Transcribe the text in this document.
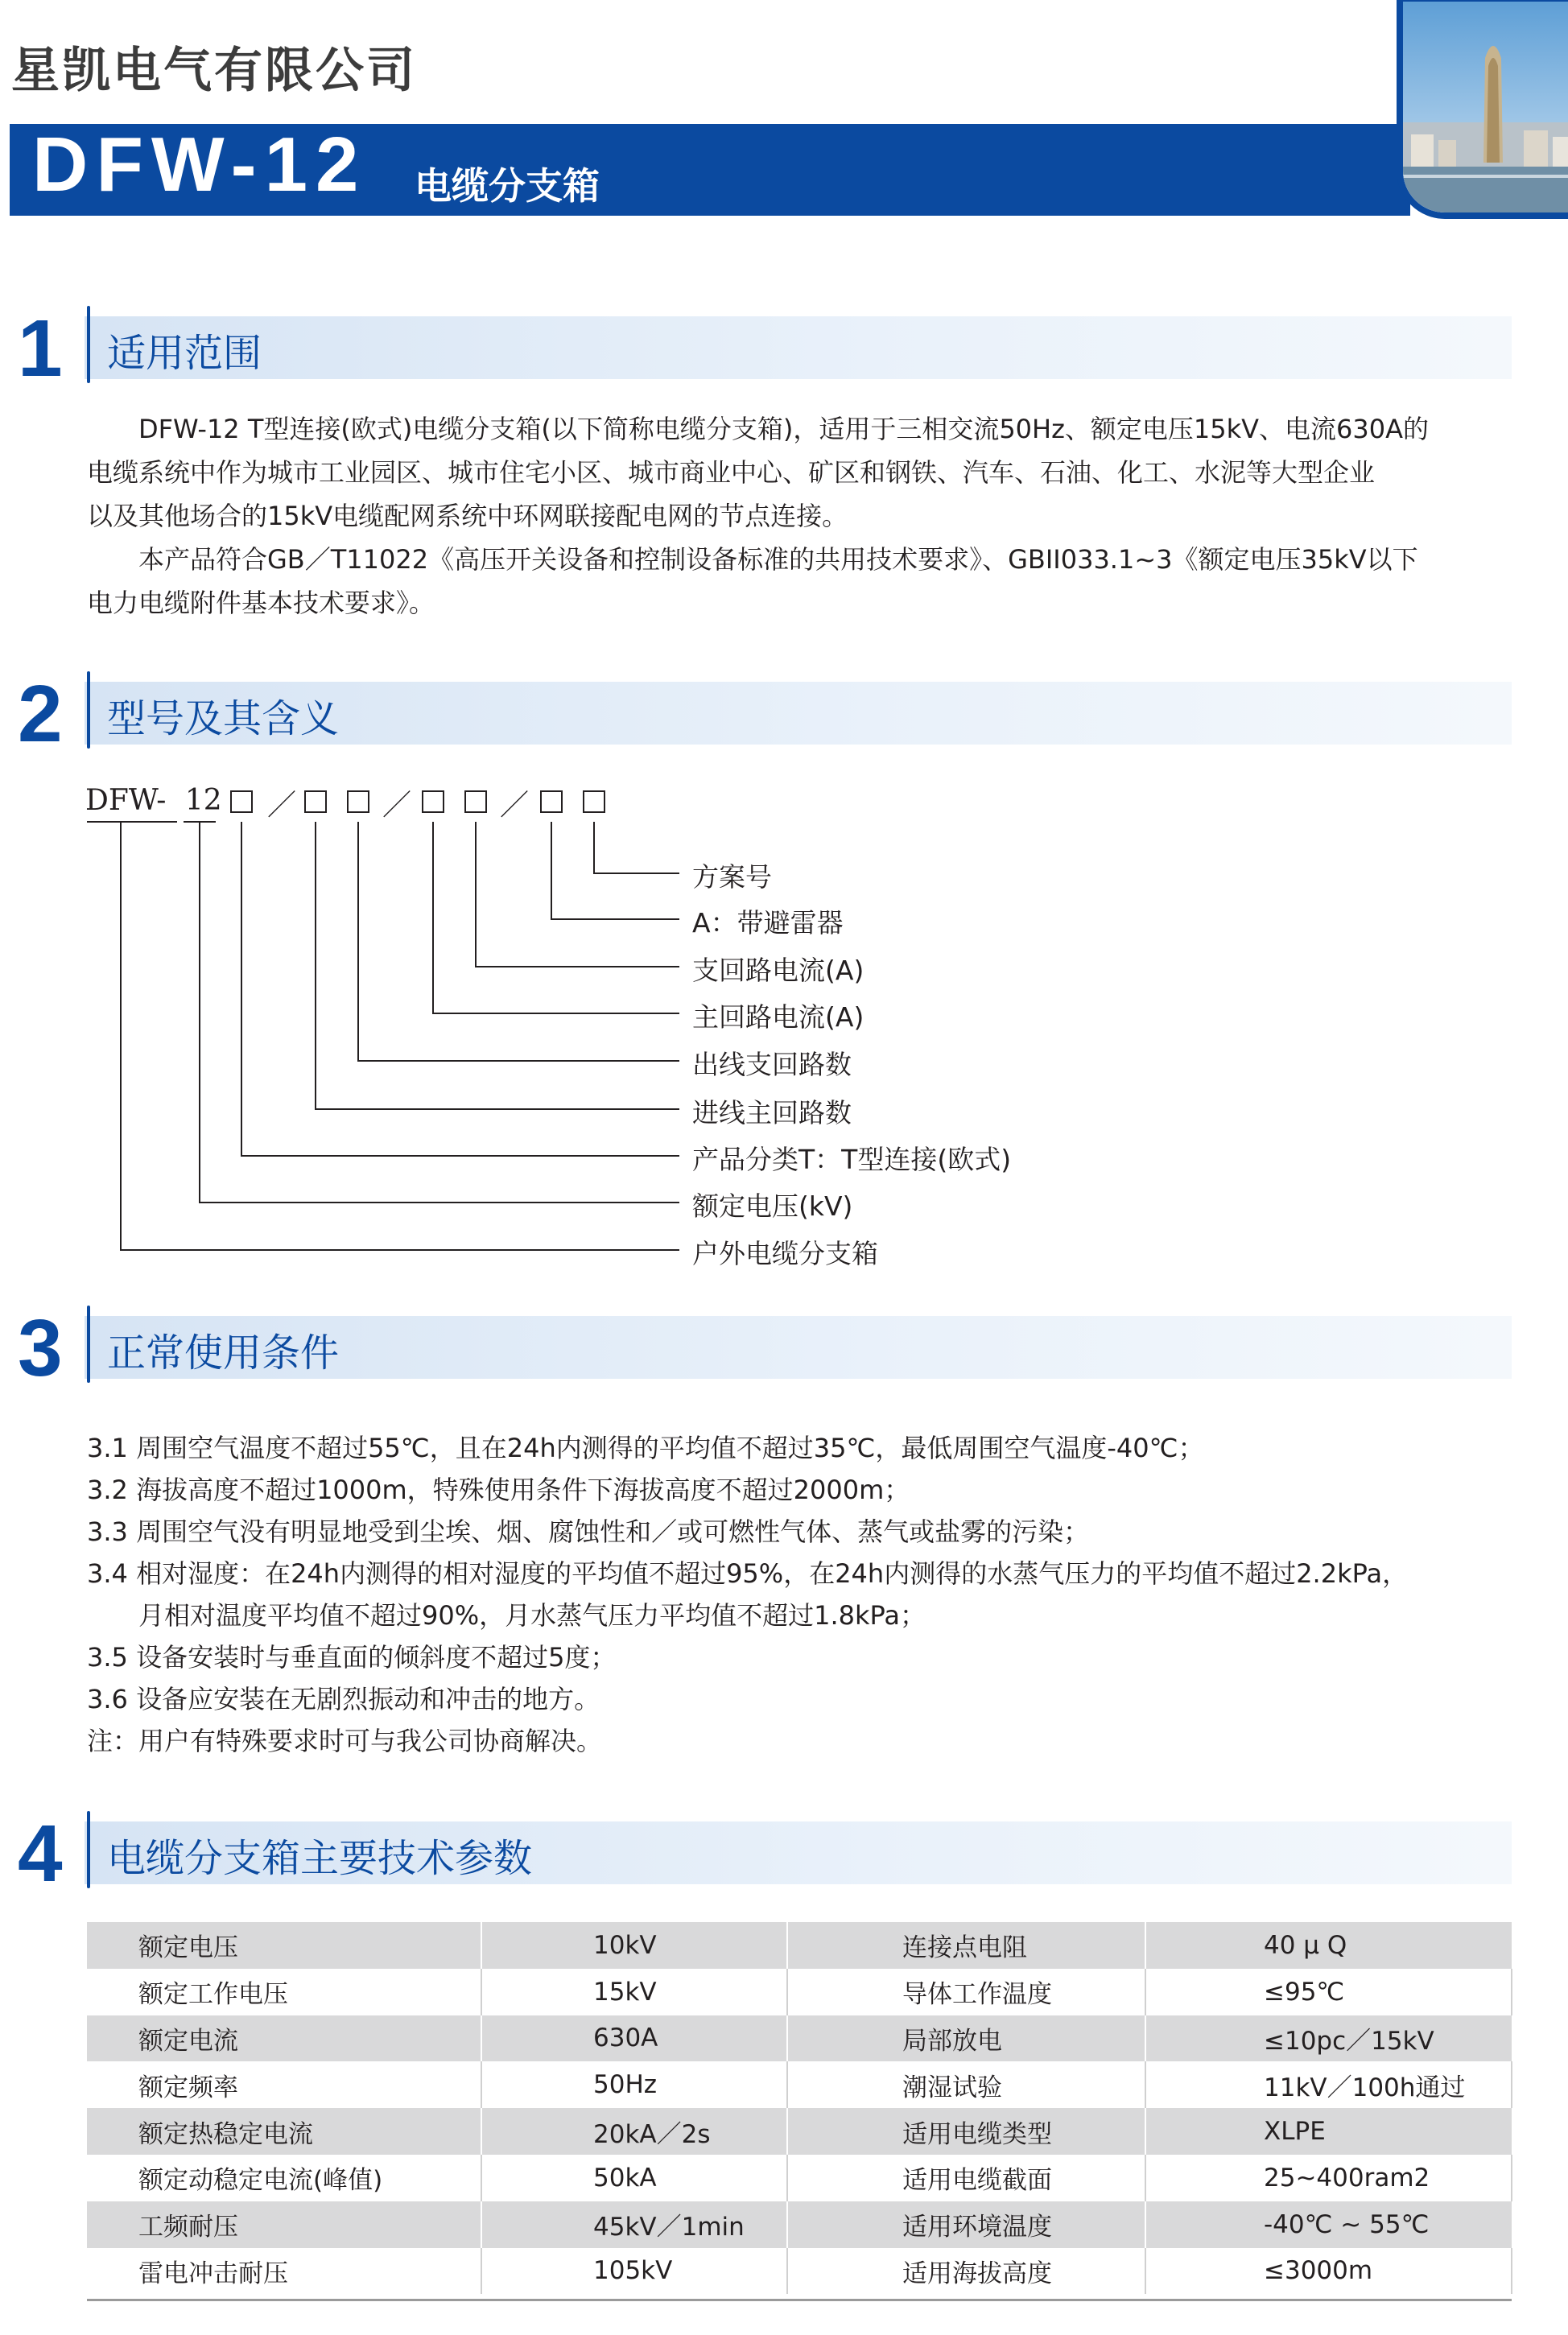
星凯电气有限公司
DFW-12 电缆分支箱
1 适用范围

DFW-12 T型连接(欧式)电缆分支箱(以下简称电缆分支箱)，适用于三相交流50Hz、额定电压15kV、电流630A的

电缆系统中作为城市工业园区、城市住宅小区、城市商业中心、矿区和钢铁、汽车、石油、化工、水泥等大型企业

以及其他场合的15kV电缆配网系统中环网联接配电网的节点连接。

本产品符合GB／T11022《高压开关设备和控制设备标准的共用技术要求》、GBII033.1~3《额定电压35kV以下

电力电缆附件基本技术要求》。

2 型号及其含义
DFW- 12 ／	／	／
方案号
A：带避雷器
支回路电流(A)
主回路电流(A)
出线支回路数
进线主回路数
产品分类T：T型连接(欧式)
额定电压(kV)
户外电缆分支箱
3 正常使用条件
3.1 周围空气温度不超过55℃，且在24h内测得的平均值不超过35℃，最低周围空气温度-40℃；
3.2 海拔高度不超过1000m，特殊使用条件下海拔高度不超过2000m；
3.3 周围空气没有明显地受到尘埃、烟、腐蚀性和／或可燃性气体、蒸气或盐雾的污染；
3.4 相对湿度：在24h内测得的相对湿度的平均值不超过95%，在24h内测得的水蒸气压力的平均值不超过2.2kPa，
月相对温度平均值不超过90%，月水蒸气压力平均值不超过1.8kPa；
3.5 设备安装时与垂直面的倾斜度不超过5度；
3.6 设备应安装在无剧烈振动和冲击的地方。
注：用户有特殊要求时可与我公司协商解决。
4 电缆分支箱主要技术参数
额定电压	10kV	连接点电阻	40 μ Q
额定工作电压	15kV	导体工作温度	≤95℃
额定电流	630A	局部放电	≤10pc／15kV
额定频率	50Hz	潮湿试验	11kV／100h通过
额定热稳定电流	20kA／2s	适用电缆类型	XLPE
额定动稳定电流(峰值)	50kA	适用电缆截面	25~400ram2
工频耐压	45kV／1min	适用环境温度	-40℃ ~ 55℃
雷电冲击耐压	105kV	适用海拔高度	≤3000m
